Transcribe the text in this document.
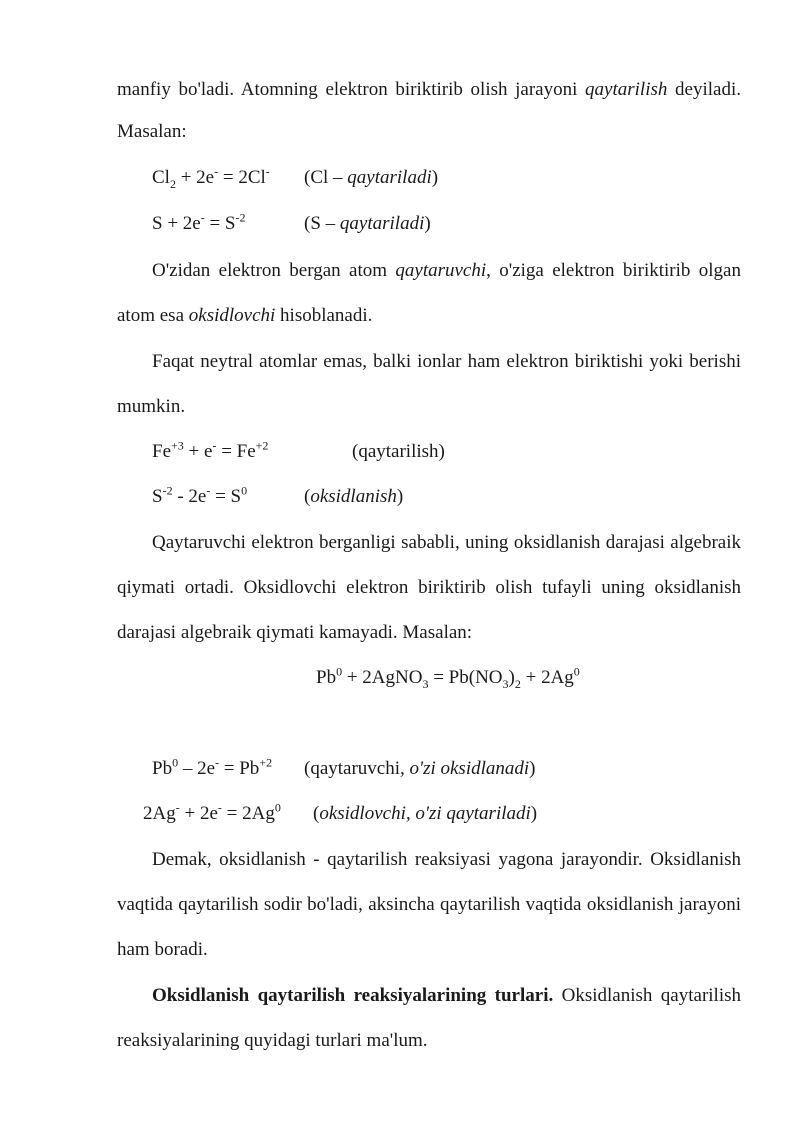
manfiy bo'ladi. Atomning elektron biriktirib olish jarayoni qaytarilish deyiladi.
Masalan:
$Cl_2 + 2e^- = 2Cl^-$ (Cl – qaytariladi)
$S + 2e^- = S^{-2}$	(S – qaytariladi)
O'zidan elektron bergan atom qaytaruvchi, o'ziga elektron biriktirib olgan
atom esa oksidlovchi hisoblanadi.
Faqat neytral atomlar emas, balki ionlar ham elektron biriktishi yoki berishi
mumkin.
$Fe^{+3} + e^- = Fe^{+2}$	(qaytarilish)
$S^{-2} - 2e^- = S^0$	(oksidlanish)
Qaytaruvchi elektron berganligi sababli, uning oksidlanish darajasi algebraik
qiymati ortadi. Oksidlovchi elektron biriktirib olish tufayli uning oksidlanish
darajasi algebraik qiymati kamayadi. Masalan:
$Pb^0$ + 2AgNO$_3$ = $Pb(NO_3)_2 + 2Ag^0$
$Pb^0 - 2e^- = Pb^{+2}$ (qaytaruvchi, o'zi oksidlanadi)
$2Ag^- + 2e^- = 2Ag^0$ (oksidlovchi, o'zi qaytariladi)
Demak, oksidlanish - qaytarilish reaksiyasi yagona jarayondir. Oksidlanish
vaqtida qaytarilish sodir bo'ladi, aksincha qaytarilish vaqtida oksidlanish jarayoni
ham boradi.
Oksidlanish qaytarilish reaksiyalarining turlari. Oksidlanish qaytarilish
reaksiyalarining quyidagi turlari ma'lum.
